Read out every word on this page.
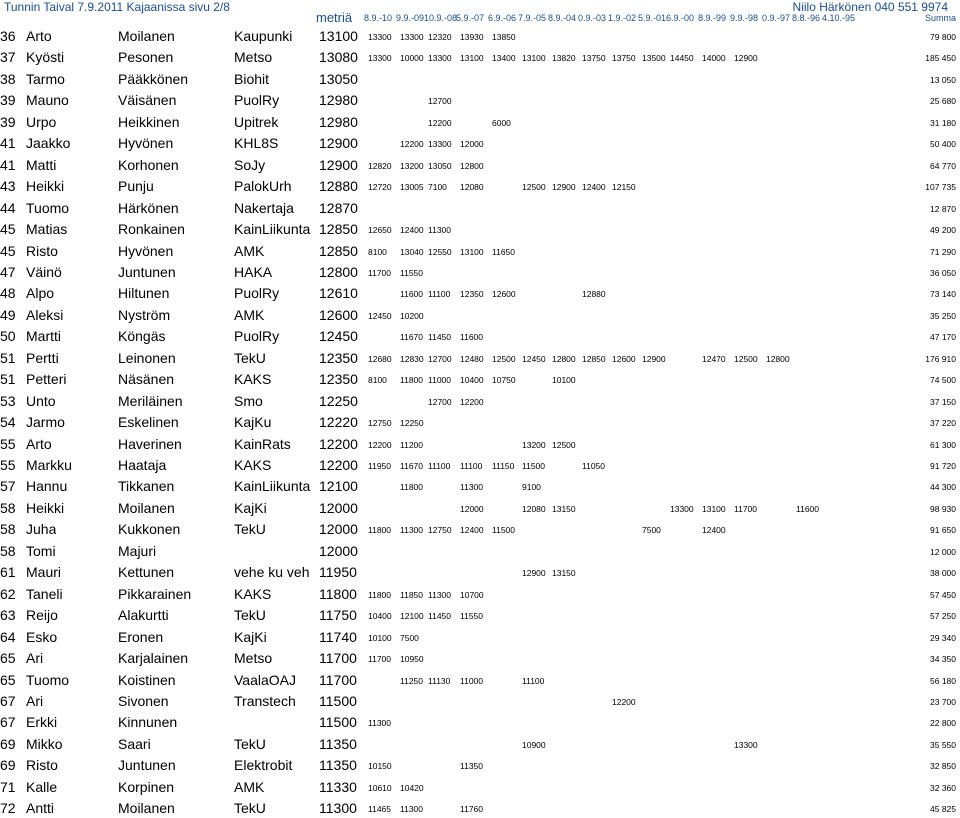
Tunnin Taival 7.9.2011 Kajaanissa sivu 2/8	Niilo Härkönen 040 551 9974
metriä 8.9.-10 9.9.-09 10.9.-08
5.9.-07 6.9.-06 7.9.-05 8.9.-04 0.9.-03 1.9.-02 5.9.-01 6.9.-00 8.9.-99 9.9.-98 0.9.-97 8.8.-96 4.10.-95	Summa
36 Arto	Moilanen	Kaupunki	13100	13300 13300 12320 13930 13850	79 800
37 Kyösti	Pesonen	Metso	13080	13300 10000 13300 13100 13400 13100 13820 13750 13750 13500 14450 14000 12900	185 450
38 Tarmo	Pääkkönen	Biohit	13050	13 050
39 Mauno	Väisänen	PuolRy	12980	12700	25 680
39 Urpo	Heikkinen	Upitrek	12980	12200	6000	31 180
41 Jaakko	Hyvönen	KHL8S	12900	12200 13300 12000	50 400
41 Matti	Korhonen	SoJy	12900	12820 13200 13050 12800	64 770
43 Heikki	Punju	PalokUrh	12880	12720 13005 7100 12080	12500 12900 12400 12150	107 735
44 Tuomo	Härkönen	Nakertaja	12870	12 870
45 Matias	Ronkainen	KainLiikunta 12850	12650 12400 11300	49 200
45 Risto	Hyvönen	AMK	12850	8100 13040 12550 13100 11650	71 290
47 Väinö	Juntunen	HAKA	12800	11700 11550	36 050
48 Alpo	Hiltunen	PuolRy	12610	11600 11100 12350 12600	12880	73 140
49 Aleksi	Nyström	AMK	12600	12450 10200	35 250
50 Martti	Köngäs	PuolRy	12450	11670 11450 11600	47 170
51 Pertti	Leinonen	TekU	12350	12680 12830 12700 12480 12500 12450 12800 12850 12600 12900	12470 12500 12800	176 910
51 Petteri	Näsänen	KAKS	12350	8100 11800 11000 10400 10750	10100	74 500
53 Unto	Meriläinen	Smo	12250	12700 12200	37 150
54 Jarmo	Eskelinen	KajKu	12220	12750 12250	37 220
55 Arto	Haverinen	KainRats	12200	12200 11200	13200 12500	61 300
55 Markku	Haataja	KAKS	12200	11950 11670 11100 11100 11150 11500	11050	91 720
57 Hannu	Tikkanen	KainLiikunta 12100	11800	11300	9100	44 300
58 Heikki	Moilanen	KajKi	12000	12000	12080 13150	13300 13100 11700	11600	98 930
58 Juha	Kukkonen	TekU	12000	11800 11300 12750 12400 11500	7500	12400	91 650
58 Tomi	Majuri	12000	12 000
61 Mauri	Kettunen	vehe ku veh 11950	12900 13150	38 000
62 Taneli	Pikkarainen	KAKS	11800	11800 11850 11300 10700	57 450
63 Reijo	Alakurtti	TekU	11750	10400 12100 11450 11550	57 250
64 Esko	Eronen	KajKi	11740	10100 7500	29 340
65 Ari	Karjalainen	Metso	11700	11700 10950	34 350
65 Tuomo	Koistinen	VaalaOAJ	11700	11250 11130 11000	11100	56 180
67 Ari	Sivonen	Transtech	11500	12200	23 700
67 Erkki	Kinnunen	11500	11300	22 800
69 Mikko	Saari	TekU	11350	10900	13300	35 550
69 Risto	Juntunen	Elektrobit	11350	10150	11350	32 850
71 Kalle	Korpinen	AMK	11330	10610 10420	32 360
72 Antti	Moilanen	TekU	11300	11465 11300	11760	45 825
